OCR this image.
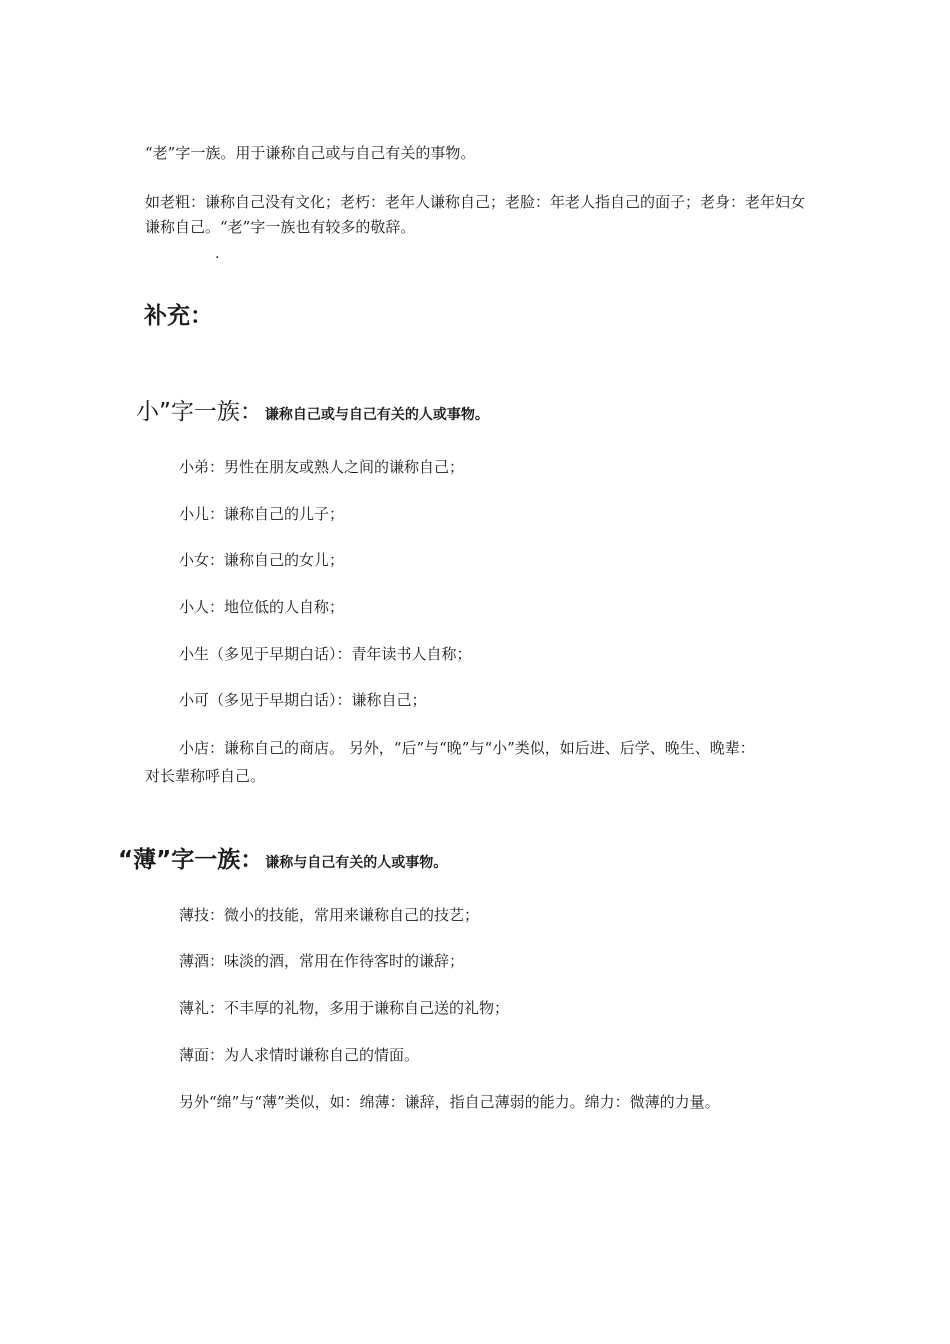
“老”字一族。用于谦称自己或与自己有关的事物。
如老粗：谦称自己没有文化；老朽：老年人谦称自己；老脸：年老人指自己的面子；老身：老年妇女谦称自己。“老”字一族也有较多的敬辞。
.
补充：
小”字一族： 谦称自己或与自己有关的人或事物。
小弟：男性在朋友或熟人之间的谦称自己；
小儿：谦称自己的儿子；
小女：谦称自己的女儿；
小人：地位低的人自称；
小生（多见于早期白话）：青年读书人自称；
小可（多见于早期白话）：谦称自己；
小店：谦称自己的商店。 另外，“后”与“晚”与“小”类似，如后进、后学、晚生、晚辈：
对长辈称呼自己。
“薄”字一族： 谦称与自己有关的人或事物。
薄技：微小的技能，常用来谦称自己的技艺；
薄酒：味淡的酒，常用在作待客时的谦辞；
薄礼：不丰厚的礼物，多用于谦称自己送的礼物；
薄面：为人求情时谦称自己的情面。
另外“绵”与“薄”类似，如：绵薄：谦辞，指自己薄弱的能力。绵力：微薄的力量。
